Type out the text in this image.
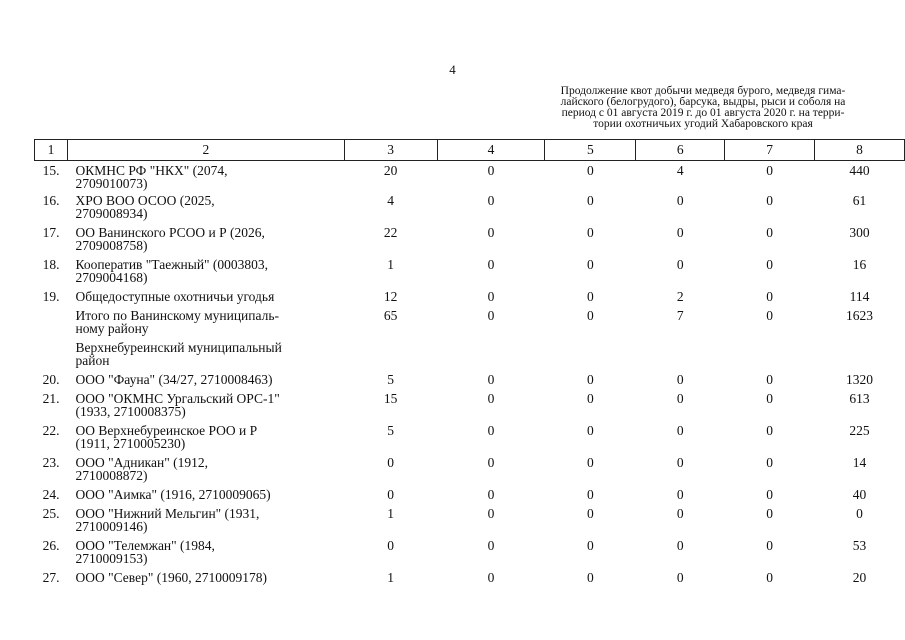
4
Продолжение квот добычи медведя бурого, медведя гима-
лайского (белогрудого), барсука, выдры, рыси и соболя на
период с 01 августа 2019 г. до 01 августа 2020 г. на терри-
тории охотничьих угодий Хабаровского края
1	2	3	4	5	6	7	8
15.	ОКМНС РФ "НКХ" (2074,
2709010073)	20	0	0	4	0	440
16.	ХРО ВОО ОСОО (2025,
2709008934)	4	0	0	0	0	61
17.	ОО Ванинского РСОО и Р (2026,
2709008758)	22	0	0	0	0	300
18.	Кооператив "Таежный" (0003803,
2709004168)	1	0	0	0	0	16
19.	Общедоступные охотничьи угодья	12	0	0	2	0	114

	Итого по Ванинскому муниципаль-
ному району	65	0	0	7	0	1623

	Верхнебуреинский муниципальный
район						

20.	ООО "Фауна" (34/27, 2710008463)	5	0	0	0	0	1320
21.	ООО "ОКМНС Ургальский ОРС-1"
(1933, 2710008375)	15	0	0	0	0	613
22.	ОО Верхнебуреинское РОО и Р
(1911, 2710005230)	5	0	0	0	0	225
23.	ООО "Адникан" (1912,
2710008872)	0	0	0	0	0	14
24.	ООО "Аимка" (1916, 2710009065)	0	0	0	0	0	40
25.	ООО "Нижний Мельгин" (1931,
2710009146)	1	0	0	0	0	0
26.	ООО "Телемжан" (1984,
2710009153)	0	0	0	0	0	53
27.	ООО "Север" (1960, 2710009178)	1	0	0	0	0	20
